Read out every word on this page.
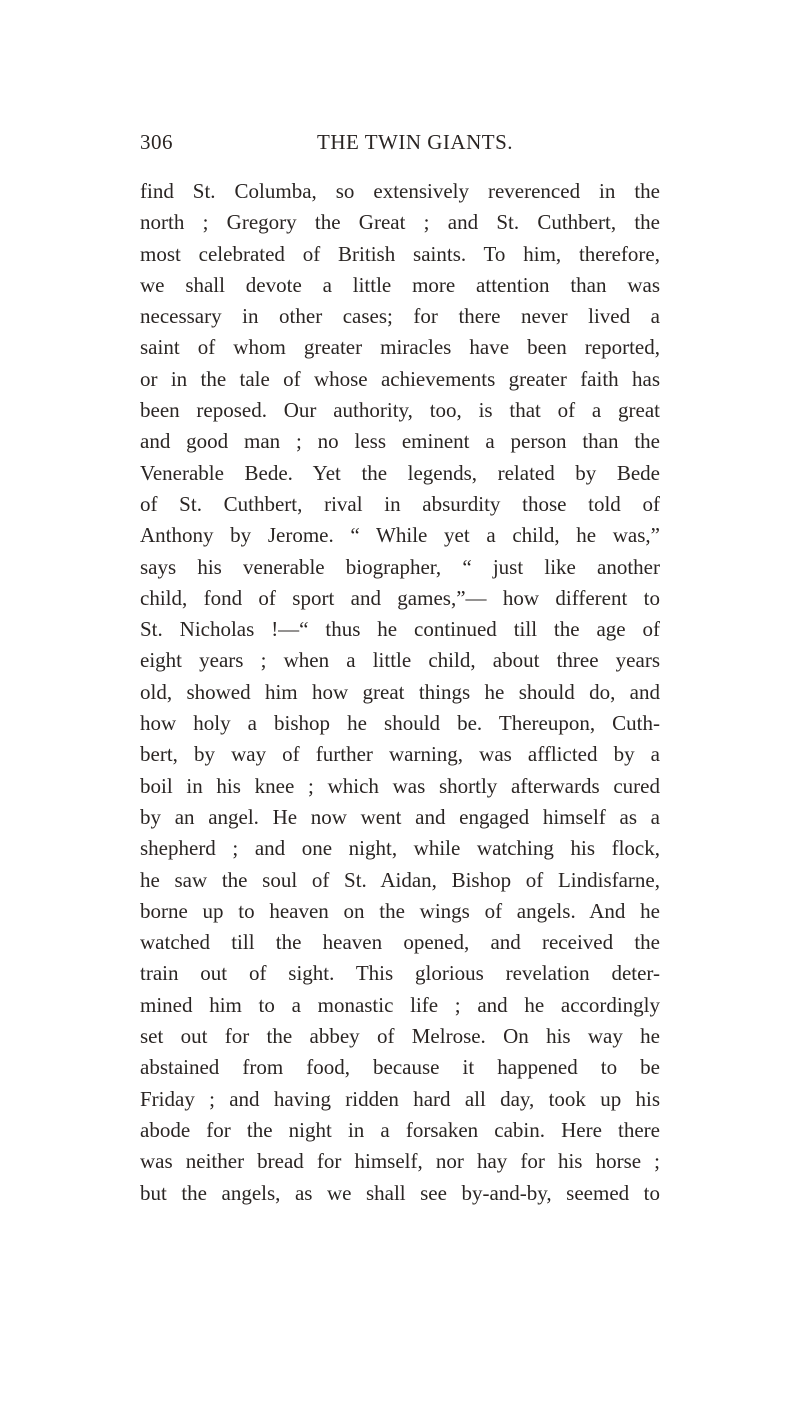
306	THE TWIN GIANTS.
find St. Columba, so extensively reverenced in the
north ; Gregory the Great ; and St. Cuthbert, the
most celebrated of British saints. To him, therefore,
we shall devote a little more attention than was
necessary in other cases; for there never lived a
saint of whom greater miracles have been reported,
or in the tale of whose achievements greater faith has
been reposed. Our authority, too, is that of a great
and good man ; no less eminent a person than the
Venerable Bede. Yet the legends, related by Bede
of St. Cuthbert, rival in absurdity those told of
Anthony by Jerome. “ While yet a child, he was,”
says his venerable biographer, “ just like another
child, fond of sport and games,”— how different to
St. Nicholas !—“ thus he continued till the age of
eight years ; when a little child, about three years
old, showed him how great things he should do, and
how holy a bishop he should be. Thereupon, Cuth-
bert, by way of further warning, was afflicted by a
boil in his knee ; which was shortly afterwards cured
by an angel. He now went and engaged himself as a
shepherd ; and one night, while watching his flock,
he saw the soul of St. Aidan, Bishop of Lindisfarne,
borne up to heaven on the wings of angels. And he
watched till the heaven opened, and received the
train out of sight. This glorious revelation deter-
mined him to a monastic life ; and he accordingly
set out for the abbey of Melrose. On his way he
abstained from food, because it happened to be
Friday ; and having ridden hard all day, took up his
abode for the night in a forsaken cabin. Here there
was neither bread for himself, nor hay for his horse ;
but the angels, as we shall see by-and-by, seemed to
